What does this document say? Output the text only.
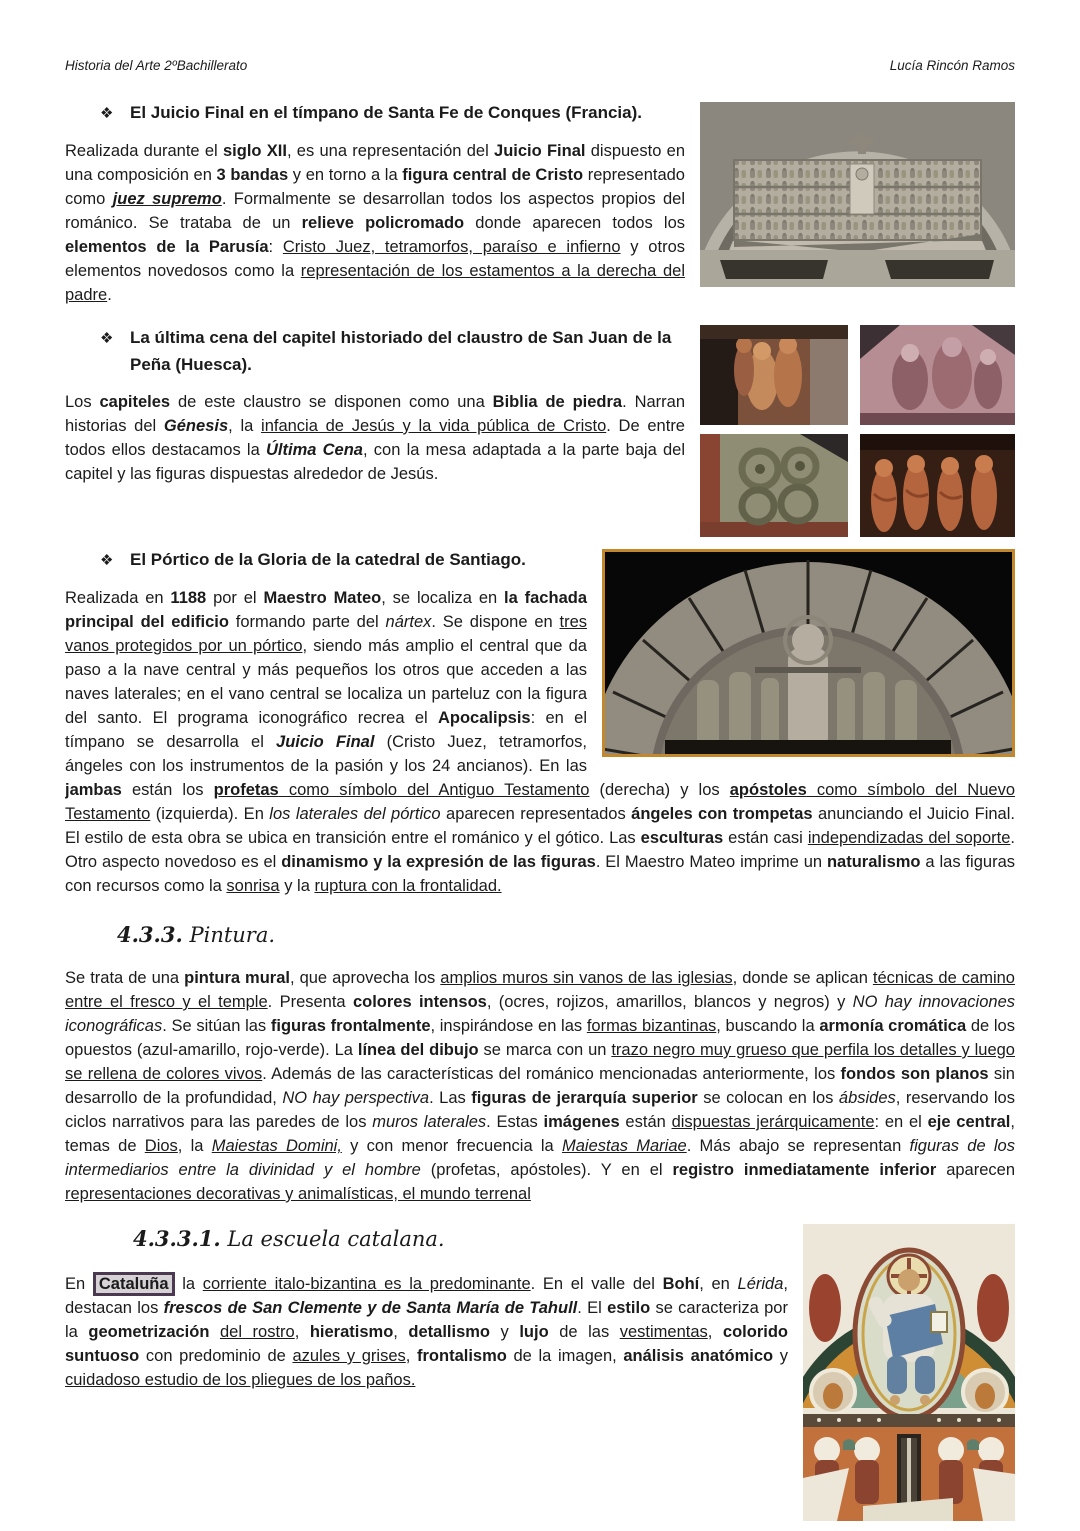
Historia del Arte 2ºBachillerato	Lucía Rincón Ramos
❖ El Juicio Final en el tímpano de Santa Fe de Conques (Francia).

Realizada durante el siglo XII, es una representación del Juicio Final dispuesto en una composición en 3 bandas y en torno a la figura central de Cristo representado como juez supremo. Formalmente se desarrollan todos los aspectos propios del románico. Se trataba de un relieve policromado donde aparecen todos los elementos de la Parusía: Cristo Juez, tetramorfos, paraíso e infierno y otros elementos novedosos como la representación de los estamentos a la derecha del padre.

❖ La última cena del capitel historiado del claustro de San Juan de la Peña (Huesca).

Los capiteles de este claustro se disponen como una Biblia de piedra. Narran historias del Génesis, la infancia de Jesús y la vida pública de Cristo. De entre todos ellos destacamos la Última Cena, con la mesa adaptada a la parte baja del capitel y las figuras dispuestas alrededor de Jesús.

❖ El Pórtico de la Gloria de la catedral de Santiago.

Realizada en 1188 por el Maestro Mateo, se localiza en la fachada principal del edificio formando parte del nártex. Se dispone en tres vanos protegidos por un pórtico, siendo más amplio el central que da paso a la nave central y más pequeños los otros que acceden a las naves laterales; en el vano central se localiza un parteluz con la figura del santo. El programa iconográfico recrea el Apocalipsis: en el tímpano se desarrolla el Juicio Final (Cristo Juez, tetramorfos, ángeles con los instrumentos de la pasión y los 24 ancianos). En las jambas están los profetas como símbolo del Antiguo Testamento (derecha) y los apóstoles como símbolo del Nuevo Testamento (izquierda). En los laterales del pórtico aparecen representados ángeles con trompetas anunciando el Juicio Final. El estilo de esta obra se ubica en transición entre el románico y el gótico. Las esculturas están casi independizadas del soporte. Otro aspecto novedoso es el dinamismo y la expresión de las figuras. El Maestro Mateo imprime un naturalismo a las figuras con recursos como la sonrisa y la ruptura con la frontalidad.

4.3.3. Pintura.

Se trata de una pintura mural, que aprovecha los amplios muros sin vanos de las iglesias, donde se aplican técnicas de camino entre el fresco y el temple. Presenta colores intensos, (ocres, rojizos, amarillos, blancos y negros) y NO hay innovaciones iconográficas. Se sitúan las figuras frontalmente, inspirándose en las formas bizantinas, buscando la armonía cromática de los opuestos (azul-amarillo, rojo-verde). La línea del dibujo se marca con un trazo negro muy grueso que perfila los detalles y luego se rellena de colores vivos. Además de las características del románico mencionadas anteriormente, los fondos son planos sin desarrollo de la profundidad, NO hay perspectiva. Las figuras de jerarquía superior se colocan en los ábsides, reservando los ciclos narrativos para las paredes de los muros laterales. Estas imágenes están dispuestas jerárquicamente: en el eje central, temas de Dios, la Maiestas Domini, y con menor frecuencia la Maiestas Mariae. Más abajo se representan figuras de los intermediarios entre la divinidad y el hombre (profetas, apóstoles). Y en el registro inmediatamente inferior aparecen representaciones decorativas y animalísticas, el mundo terrenal

4.3.3.1. La escuela catalana.

En Cataluña la corriente italo-bizantina es la predominante. En el valle del Bohí, en Lérida, destacan los frescos de San Clemente y de Santa María de Tahull. El estilo se caracteriza por la geometrización del rostro, hieratismo, detallismo y lujo de las vestimentas, colorido suntuoso con predominio de azules y grises, frontalismo de la imagen, análisis anatómico y cuidadoso estudio de los pliegues de los paños.
